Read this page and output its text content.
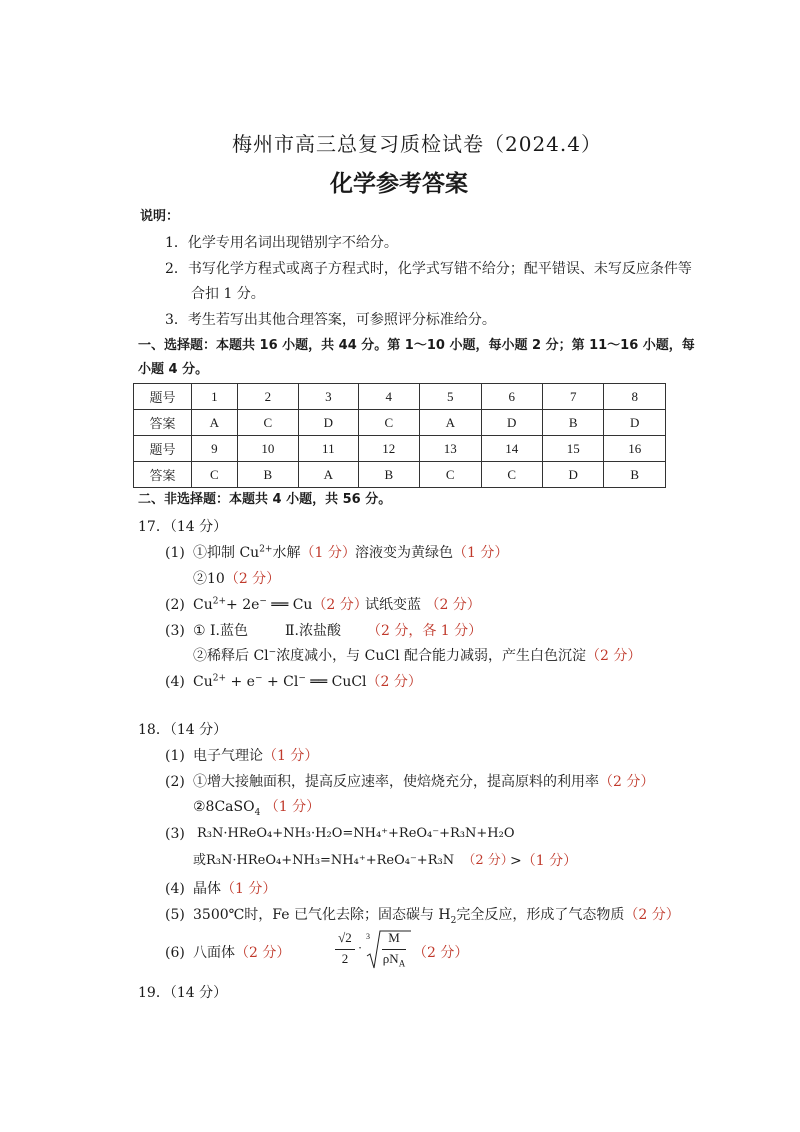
梅州市高三总复习质检试卷（2024.4）
化学参考答案
说明：
1．化学专用名词出现错别字不给分。
2．书写化学方程式或离子方程式时，化学式写错不给分；配平错误、未写反应条件等
合扣 1 分。
3．考生若写出其他合理答案，可参照评分标准给分。
一、选择题：本题共 16 小题，共 44 分。第 1～10 小题，每小题 2 分；第 11～16 小题，每
小题 4 分。
题号	1	2	3	4	5	6	7	8
答案	A	C	D	C	A	D	B	D
题号	9	10	11	12	13	14	15	16
答案	C	B	A	B	C	C	D	B
二、非选择题：本题共 4 小题，共 56 分。
17．（14 分）
(1) ①抑制 $Cu^{2+}$水解（1 分） 溶液变为黄绿色（1 分）
②10（2 分）
(2) $Cu^{2+}+ 2e^-$ ══ Cu（2 分）
试纸变蓝 （2 分）
(3) ① Ⅰ.蓝色	Ⅱ.浓盐酸 （2 分，各 1 分）
②稀释后 Cl−浓度减小，与 CuCl 配合能力减弱，产生白色沉淀（2 分）
(4) $Cu^{2+} + e^- + Cl^-$ ══ CuCl（2 分）
18．（14 分）
(1) 电子气理论（1 分）
(2) ①增大接触面积，提高反应速率，使焙烧充分，提高原料的利用率（2 分）
②8CaSO$_4$ （1 分）
(3) R₃N·HReO₄+NH₃·H₂O=NH₄⁺+ReO₄⁻+R₃N+H₂O
或R₃N·HReO₄+NH₃=NH₄⁺+ReO₄⁻+R₃N （2 分）
>（1 分）
(4) 晶体（1 分）
(5) 3500℃时，Fe 已气化去除；固态碳与 $H_2$完全反应，形成了气态物质（2 分）
(6) 八面体（2 分）
√2
2
·
3	M
$\rho N_A$
（2 分）
19．（14 分）
